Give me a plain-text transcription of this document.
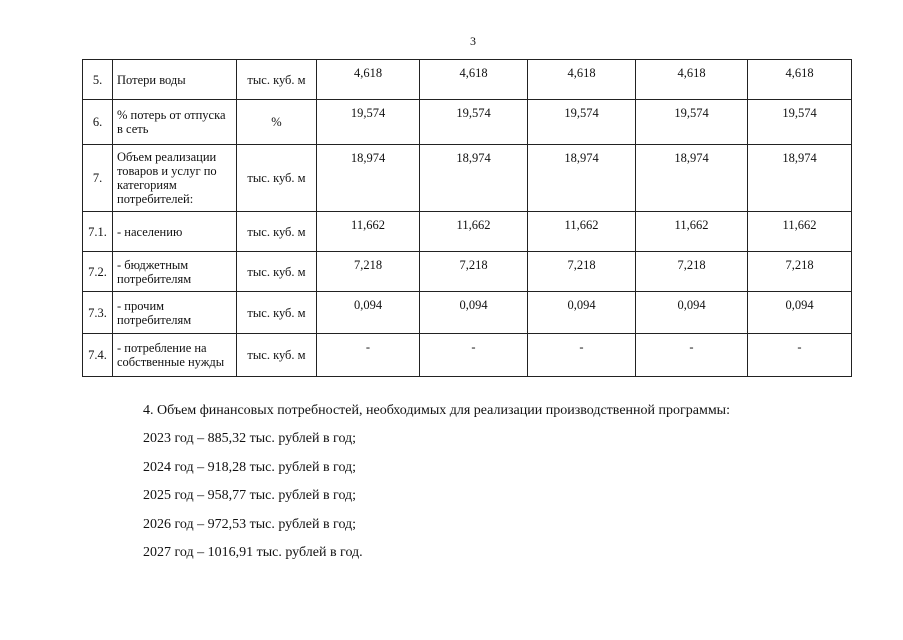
3
5.	Потери воды	тыс. куб. м	4,618	4,618	4,618	4,618	4,618
6.	% потерь от отпуска в сеть	%	19,574	19,574	19,574	19,574	19,574
7.	Объем реализации товаров и услуг по категориям потребителей:	тыс. куб. м	18,974	18,974	18,974	18,974	18,974
7.1.	- населению	тыс. куб. м	11,662	11,662	11,662	11,662	11,662
7.2.	- бюджетным потребителям	тыс. куб. м	7,218	7,218	7,218	7,218	7,218
7.3.	- прочим потребителям	тыс. куб. м	0,094	0,094	0,094	0,094	0,094
7.4.	- потребление на собственные нужды	тыс. куб. м	-	-	-	-	-
4. Объем финансовых потребностей, необходимых для реализации производственной программы:
2023 год – 885,32 тыс. рублей в год;
2024 год – 918,28 тыс. рублей в год;
2025 год – 958,77 тыс. рублей в год;
2026 год – 972,53 тыс. рублей в год;
2027 год – 1016,91 тыс. рублей в год.
